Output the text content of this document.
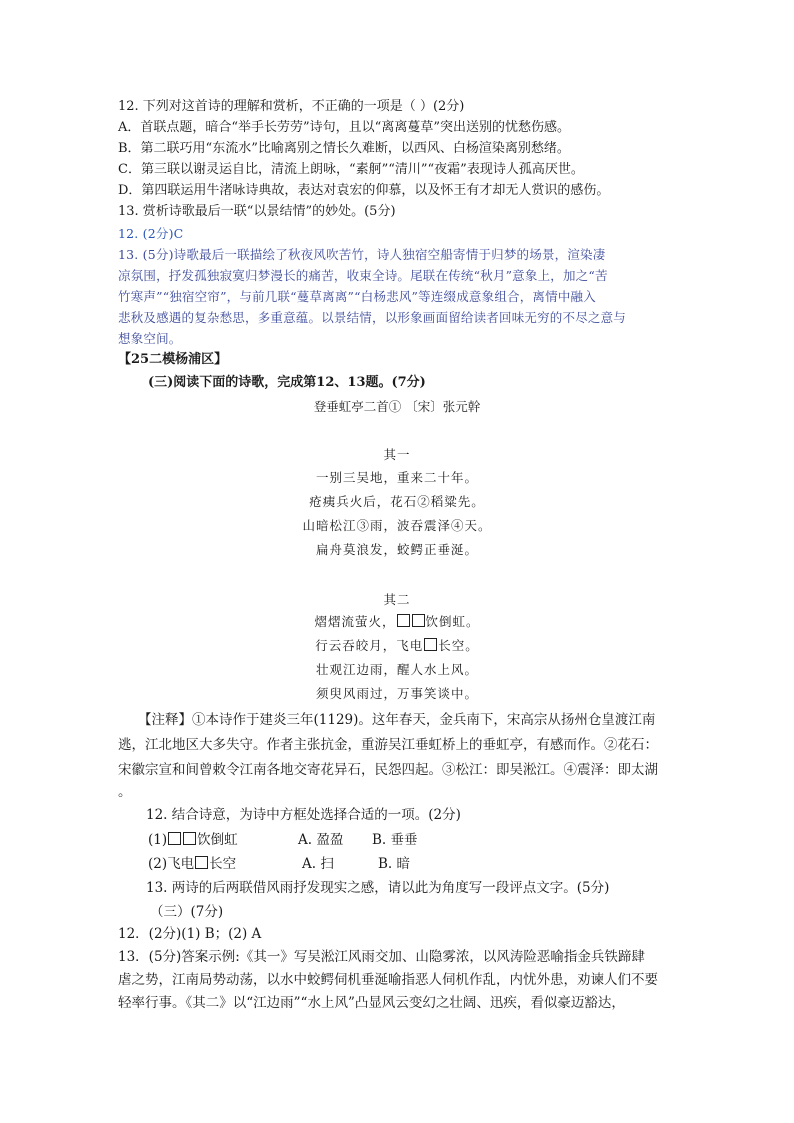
12. 下列对这首诗的理解和赏析，不正确的一项是（ ）(2分)
A．首联点题，暗合“举手长劳劳”诗句，且以“离离蔓草”突出送别的忧愁伤感。
B．第二联巧用“东流水”比喻离别之情长久难断，以西风、白杨渲染离别愁绪。
C．第三联以谢灵运自比，清流上朗咏，“素舸”“清川”“夜霜”表现诗人孤高厌世。
D．第四联运用牛渚咏诗典故，表达对袁宏的仰慕，以及怀王有才却无人赏识的感伤。
13. 赏析诗歌最后一联“以景结情”的妙处。(5分)
12. (2分)C
13. (5分)诗歌最后一联描绘了秋夜风吹苦竹，诗人独宿空船寄情于归梦的场景，渲染凄
凉氛围，抒发孤独寂寞归梦漫长的痛苦，收束全诗。尾联在传统“秋月”意象上，加之“苦
竹寒声”“独宿空帘”，与前几联“蔓草离离”“白杨悲风”等连缀成意象组合，离情中融入
悲秋及感遇的复杂愁思，多重意蕴。以景结情，以形象画面留给读者回味无穷的不尽之意与
想象空间。
【25二模杨浦区】
(三)阅读下面的诗歌，完成第12、13题。(7分)
登垂虹亭二首① 〔宋〕张元幹
其一
一别三吴地，重来二十年。
疮痍兵火后，花石②稻粱先。
山暗松江③雨，波吞震泽④天。
扁舟莫浪发，蛟鳄正垂涎。
其二
熠熠流萤火， 饮倒虹。
行云吞皎月，飞电 长空。
壮观江边雨，醒人水上风。
须臾风雨过，万事笑谈中。
【注释】①本诗作于建炎三年(1129)。这年春天，金兵南下，宋高宗从扬州仓皇渡江南
逃，江北地区大多失守。作者主张抗金，重游吴江垂虹桥上的垂虹亭，有感而作。②花石：
宋徽宗宣和间曾敕令江南各地交寄花异石，民怨四起。③松江：即吴淞江。④震泽：即太湖
。
12. 结合诗意，为诗中方框处选择合适的一项。(2分)
(1) 饮倒虹	A. 盈盈 B. 垂垂
(2)飞电 长空	A. 扫	B. 暗
13. 两诗的后两联借风雨抒发现实之感，请以此为角度写一段评点文字。(5分)
（三）(7分)
12．(2分)(1) B；(2) A
13．(5分)答案示例:《其一》写吴淞江风雨交加、山隐雾浓，以风涛险恶喻指金兵铁蹄肆
虐之势，江南局势动荡，以水中蛟鳄伺机垂涎喻指恶人伺机作乱，内忧外患，劝谏人们不要
轻率行事。《其二》以“江边雨”“水上风”凸显风云变幻之壮阔、迅疾，看似豪迈豁达，
